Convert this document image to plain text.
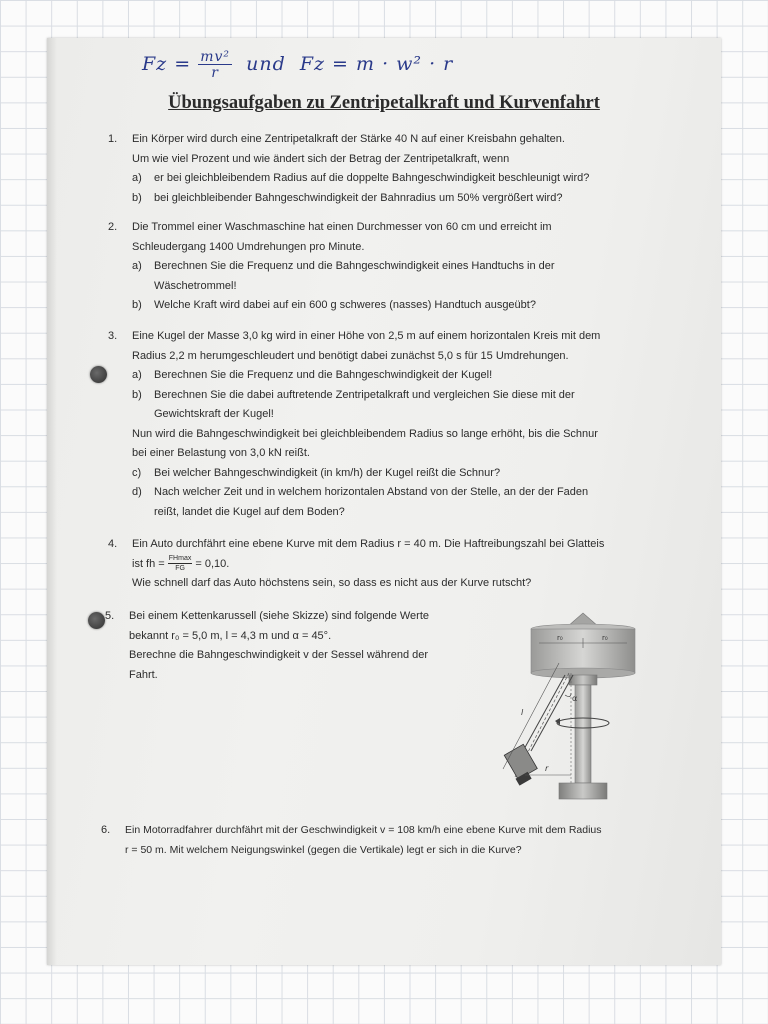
$Fz = \frac{\text{mv²}}{r}$ und Fz = m · w² · r
Übungsaufgaben zu Zentripetalkraft und Kurvenfahrt
1. Ein Körper wird durch eine Zentripetalkraft der Stärke 40 N auf einer Kreisbahn gehalten.
Um wie viel Prozent und wie ändert sich der Betrag der Zentripetalkraft, wenn
a) er bei gleichbleibendem Radius auf die doppelte Bahngeschwindigkeit beschleunigt wird?
b) bei gleichbleibender Bahngeschwindigkeit der Bahnradius um 50% vergrößert wird?
2. Die Trommel einer Waschmaschine hat einen Durchmesser von 60 cm und erreicht im
Schleudergang 1400 Umdrehungen pro Minute.
a) Berechnen Sie die Frequenz und die Bahngeschwindigkeit eines Handtuchs in der
Wäschetrommel!
b) Welche Kraft wird dabei auf ein 600 g schweres (nasses) Handtuch ausgeübt?
3. Eine Kugel der Masse 3,0 kg wird in einer Höhe von 2,5 m auf einem horizontalen Kreis mit dem
Radius 2,2 m herumgeschleudert und benötigt dabei zunächst 5,0 s für 15 Umdrehungen.
a) Berechnen Sie die Frequenz und die Bahngeschwindigkeit der Kugel!
b) Berechnen Sie die dabei auftretende Zentripetalkraft und vergleichen Sie diese mit der
Gewichtskraft der Kugel!
Nun wird die Bahngeschwindigkeit bei gleichbleibendem Radius so lange erhöht, bis die Schnur
bei einer Belastung von 3,0 kN reißt.
c) Bei welcher Bahngeschwindigkeit (in km/h) der Kugel reißt die Schnur?
d) Nach welcher Zeit und in welchem horizontalen Abstand von der Stelle, an der der Faden
reißt, landet die Kugel auf dem Boden?
4. Ein Auto durchfährt eine ebene Kurve mit dem Radius r = 40 m. Die Haftreibungszahl bei Glatteis
ist fh = $\frac{FHmax}{FG} = 0,10$.
Wie schnell darf das Auto höchstens sein, so dass es nicht aus der Kurve rutscht?
5. Bei einem Kettenkarussell (siehe Skizze) sind folgende Werte
bekannt r₀ = 5,0 m, l = 4,3 m und α = 45°.
Berechne die Bahngeschwindigkeit v der Sessel während der
Fahrt.
r₀	r₀
α
l
r
6. Ein Motorradfahrer durchfährt mit der Geschwindigkeit v = 108 km/h eine ebene Kurve mit dem Radius
r = 50 m. Mit welchem Neigungswinkel (gegen die Vertikale) legt er sich in die Kurve?
